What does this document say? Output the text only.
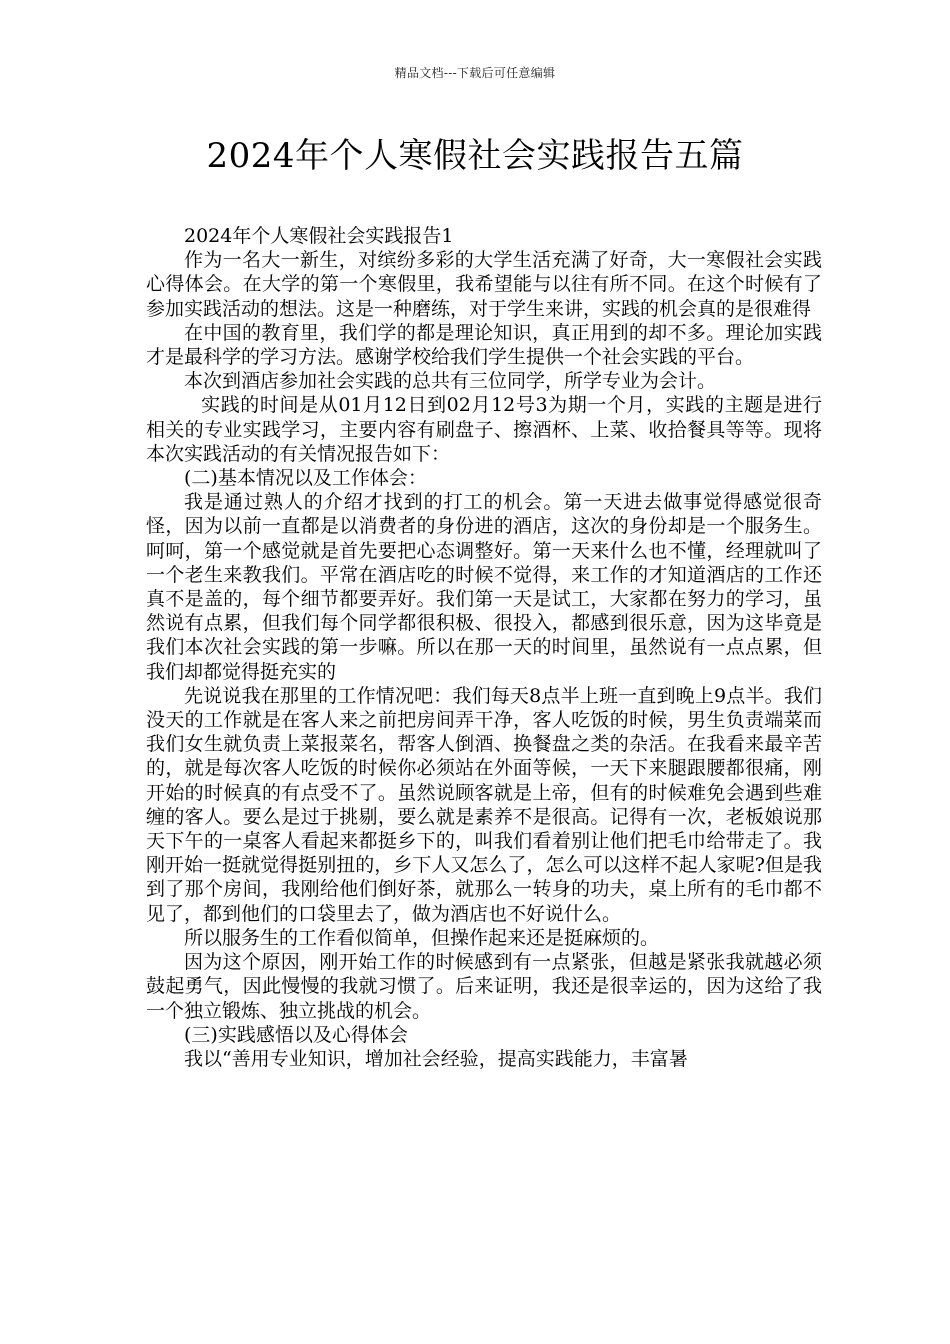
精品文档---下载后可任意编辑
2024年个人寒假社会实践报告五篇

2024年个人寒假社会实践报告1

作为一名大一新生，对缤纷多彩的大学生活充满了好奇，大一寒假社会实践心得体会。在大学的第一个寒假里，我希望能与以往有所不同。在这个时候有了参加实践活动的想法。这是一种磨练，对于学生来讲，实践的机会真的是很难得

在中国的教育里，我们学的都是理论知识，真正用到的却不多。理论加实践才是最科学的学习方法。感谢学校给我们学生提供一个社会实践的平台。

本次到酒店参加社会实践的总共有三位同学，所学专业为会计。

实践的时间是从01月12日到02月12号3为期一个月，实践的主题是进行相关的专业实践学习，主要内容有刷盘子、擦酒杯、上菜、收拾餐具等等。现将本次实践活动的有关情况报告如下：

(二)基本情况以及工作体会：

我是通过熟人的介绍才找到的打工的机会。第一天进去做事觉得感觉很奇怪，因为以前一直都是以消费者的身份进的酒店，这次的身份却是一个服务生。呵呵，第一个感觉就是首先要把心态调整好。第一天来什么也不懂，经理就叫了一个老生来教我们。平常在酒店吃的时候不觉得，来工作的才知道酒店的工作还真不是盖的，每个细节都要弄好。我们第一天是试工，大家都在努力的学习，虽然说有点累，但我们每个同学都很积极、很投入，都感到很乐意，因为这毕竟是我们本次社会实践的第一步嘛。所以在那一天的时间里，虽然说有一点点累，但我们却都觉得挺充实的

先说说我在那里的工作情况吧：我们每天8点半上班一直到晚上9点半。我们没天的工作就是在客人来之前把房间弄干净，客人吃饭的时候，男生负责端菜而我们女生就负责上菜报菜名，帮客人倒酒、换餐盘之类的杂活。在我看来最辛苦的，就是每次客人吃饭的时候你必须站在外面等候，一天下来腿跟腰都很痛，刚开始的时候真的有点受不了。虽然说顾客就是上帝，但有的时候难免会遇到些难缠的客人。要么是过于挑剔，要么就是素养不是很高。记得有一次，老板娘说那天下午的一桌客人看起来都挺乡下的，叫我们看着别让他们把毛巾给带走了。我刚开始一挺就觉得挺别扭的，乡下人又怎么了，怎么可以这样不起人家呢?但是我到了那个房间，我刚给他们倒好茶，就那么一转身的功夫，桌上所有的毛巾都不见了，都到他们的口袋里去了，做为酒店也不好说什么。

所以服务生的工作看似简单，但操作起来还是挺麻烦的。

因为这个原因，刚开始工作的时候感到有一点紧张，但越是紧张我就越必须鼓起勇气，因此慢慢的我就习惯了。后来证明，我还是很幸运的，因为这给了我一个独立锻炼、独立挑战的机会。

(三)实践感悟以及心得体会

我以“善用专业知识，增加社会经验，提高实践能力，丰富暑
